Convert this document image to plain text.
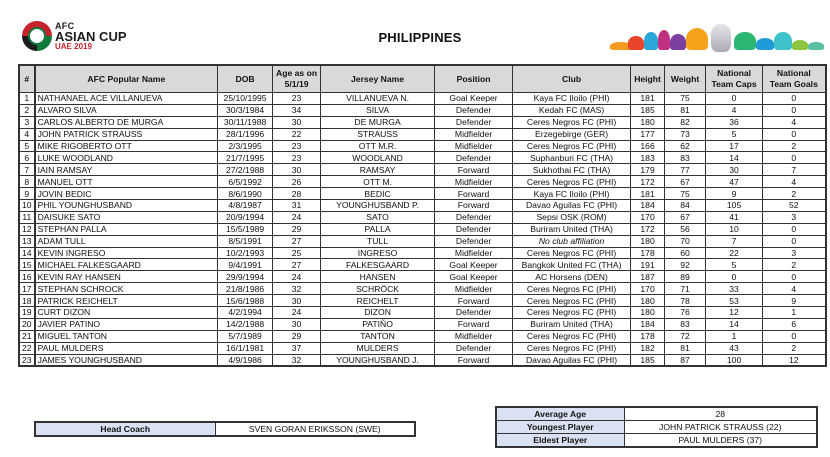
AFC
ASIAN CUP
UAE 2019
PHILIPPINES
#	AFC Popular Name	DOB	Age as on 5/1/19	Jersey Name	Position	Club	Height	Weight	National Team Caps	National Team Goals
1	NATHANAEL ACE VILLANUEVA	25/10/1995	23	VILLANUEVA N.	Goal Keeper	Kaya FC Iloilo (PHI)	181	75	0	0
2	ALVARO SILVA	30/3/1984	34	SILVA	Defender	Kedah FC (MAS)	185	81	4	0
3	CARLOS ALBERTO DE MURGA	30/11/1988	30	DE MURGA	Defender	Ceres Negros FC (PHI)	180	82	36	4
4	JOHN PATRICK STRAUSS	28/1/1996	22	STRAUSS	Midfielder	Erzegebirge (GER)	177	73	5	0
5	MIKE RIGOBERTO OTT	2/3/1995	23	OTT M.R.	Midfielder	Ceres Negros FC (PHI)	166	62	17	2
6	LUKE WOODLAND	21/7/1995	23	WOODLAND	Defender	Suphanburi FC (THA)	183	83	14	0
7	IAIN RAMSAY	27/2/1988	30	RAMSAY	Forward	Sukhothai FC (THA)	179	77	30	7
8	MANUEL OTT	6/5/1992	26	OTT M.	Midfielder	Ceres Negros FC (PHI)	172	67	47	4
9	JOVIN BEDIC	8/6/1990	28	BEDIC	Forward	Kaya FC Iloilo (PHI)	181	75	9	2
10	PHIL YOUNGHUSBAND	4/8/1987	31	YOUNGHUSBAND P.	Forward	Davao Aguilas FC (PHI)	184	84	105	52
11	DAISUKE SATO	20/9/1994	24	SATO	Defender	Sepsi OSK (ROM)	170	67	41	3
12	STEPHAN PALLA	15/5/1989	29	PALLA	Defender	Buriram United (THA)	172	56	10	0
13	ADAM TULL	8/5/1991	27	TULL	Defender	No club affiliation	180	70	7	0
14	KEVIN INGRESO	10/2/1993	25	INGRESO	Midfielder	Ceres Negros FC (PHI)	178	60	22	3
15	MICHAEL FALKESGAARD	9/4/1991	27	FALKESGAARD	Goal Keeper	Bangkok United FC (THA)	191	92	5	2
16	KEVIN RAY HANSEN	29/9/1994	24	HANSEN	Goal Keeper	AC Horsens (DEN)	187	89	0	0
17	STEPHAN SCHROCK	21/8/1986	32	SCHRÖCK	Midfielder	Ceres Negros FC (PHI)	170	71	33	4
18	PATRICK REICHELT	15/6/1988	30	REICHELT	Forward	Ceres Negros FC (PHI)	180	78	53	9
19	CURT DIZON	4/2/1994	24	DIZON	Defender	Ceres Negros FC (PHI)	180	76	12	1
20	JAVIER PATINO	14/2/1988	30	PATIÑO	Forward	Buriram United (THA)	184	83	14	6
21	MIGUEL TANTON	5/7/1989	29	TANTON	Midfielder	Ceres Negros FC (PHI)	178	72	1	0
22	PAUL MULDERS	16/1/1981	37	MULDERS	Defender	Ceres Negros FC (PHI)	182	81	43	2
23	JAMES YOUNGHUSBAND	4/9/1986	32	YOUNGHUSBAND J.	Forward	Davao Aguilas FC (PHI)	185	87	100	12
Head Coach	SVEN GORAN ERIKSSON (SWE)
Average Age	28
Youngest Player	JOHN PATRICK STRAUSS (22)
Eldest Player	PAUL MULDERS (37)
